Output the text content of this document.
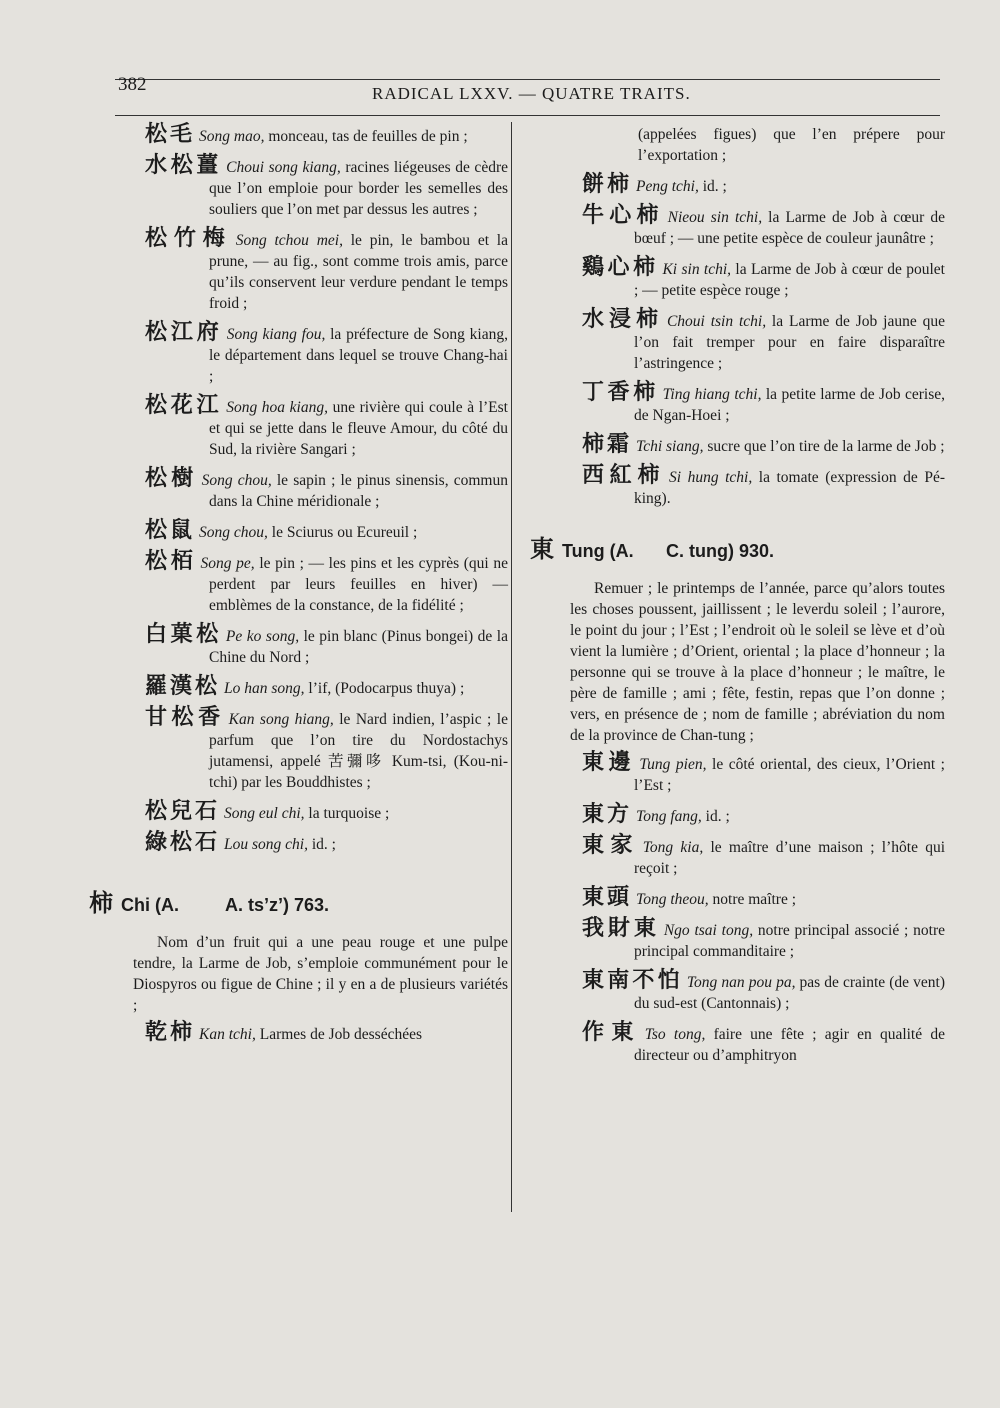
382	RADICAL LXXV. — QUATRE TRAITS.
松毛 Song mao, monceau, tas de feuilles de pin ;
水松薑 Choui song kiang, racines liégeuses de cèdre que l’on emploie pour border les semelles des souliers que l’on met par dessus les autres ;
松竹梅 Song tchou mei, le pin, le bambou et la prune, — au fig., sont comme trois amis, parce qu’ils conservent leur verdure pendant le temps froid ;
松江府 Song kiang fou, la préfecture de Song kiang, le département dans lequel se trouve Chang-hai ;
松花江 Song hoa kiang, une rivière qui coule à l’Est et qui se jette dans le fleuve Amour, du côté du Sud, la rivière Sangari ;
松樹 Song chou, le sapin ; le pinus sinensis, commun dans la Chine méridionale ;
松鼠 Song chou, le Sciurus ou Ecureuil ;
松栢 Song pe, le pin ; — les pins et les cyprès (qui ne perdent par leurs feuilles en hiver) — emblèmes de la constance, de la fidélité ;
白菓松 Pe ko song, le pin blanc (Pinus bongei) de la Chine du Nord ;
羅漢松 Lo han song, l’if, (Podocarpus thuya) ;
甘松香 Kan song hiang, le Nard indien, l’aspic ; le parfum que l’on tire du Nordostachys jutamensi, appelé 苦彌哆 Kum-tsi, (Kou-ni-tchi) par les Bouddhistes ;
松兒石 Song eul chi, la turquoise ;
綠松石 Lou song chi, id. ;
柿 Chi (A.	A. ts’z’) 763.
Nom d’un fruit qui a une peau rouge et une pulpe tendre, la Larme de Job, s’emploie communément pour le Diospyros ou figue de Chine ; il y en a de plusieurs variétés ;
乾柿 Kan tchi, Larmes de Job desséchées
(appelées figues) que l’en prépere pour l’exportation ;
餅柿 Peng tchi, id. ;
牛心柿 Nieou sin tchi, la Larme de Job à cœur de bœuf ; — une petite espèce de couleur jaunâtre ;
鷄心柿 Ki sin tchi, la Larme de Job à cœur de poulet ; — petite espèce rouge ;
水浸柿 Choui tsin tchi, la Larme de Job jaune que l’on fait tremper pour en faire disparaître l’astringence ;
丁香柿 Ting hiang tchi, la petite larme de Job cerise, de Ngan-Hoei ;
柿霜 Tchi siang, sucre que l’on tire de la larme de Job ;
西紅柿 Si hung tchi, la tomate (expression de Pé-king).
東 Tung (A.	C. tung) 930.
Remuer ; le printemps de l’année, parce qu’alors toutes les choses poussent, jaillissent ; le leverdu soleil ; l’aurore, le point du jour ; l’Est ; l’endroit où le soleil se lève et d’où vient la lumière ; d’Orient, oriental ; la place d’honneur ; la personne qui se trouve à la place d’honneur ; le maître, le père de famille ; ami ; fête, festin, repas que l’on donne ; vers, en présence de ; nom de famille ; abréviation du nom de la province de Chan-tung ;
東邊 Tung pien, le côté oriental, des cieux, l’Orient ; l’Est ;
東方 Tong fang, id. ;
東家 Tong kia, le maître d’une maison ; l’hôte qui reçoit ;
東頭 Tong theou, notre maître ;
我財東 Ngo tsai tong, notre principal associé ; notre principal commanditaire ;
東南不怕 Tong nan pou pa, pas de crainte (de vent) du sud-est (Cantonnais) ;
作東 Tso tong, faire une fête ; agir en qualité de directeur ou d’amphitryon
